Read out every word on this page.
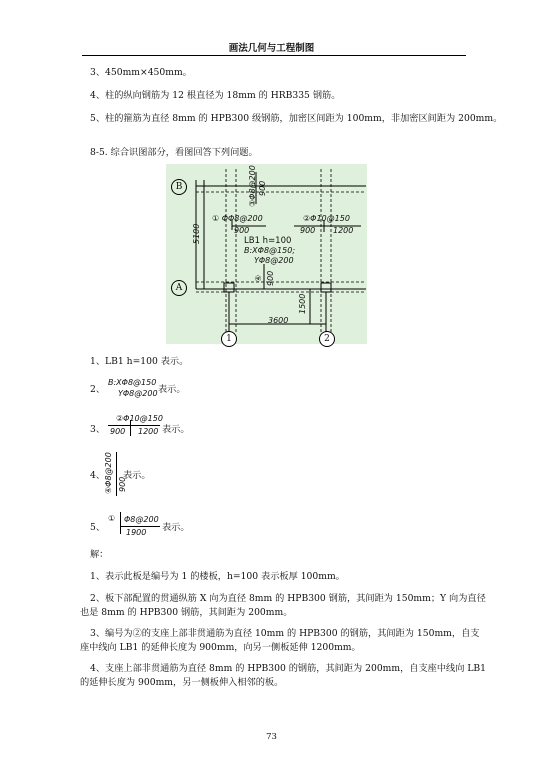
画法几何与工程制图
3、450mm×450mm。
4、柱的纵向钢筋为 12 根直径为 18mm 的 HRB335 钢筋。
5、柱的箍筋为直径 8mm 的 HPB300 级钢筋，加密区间距为 100mm，非加密区间距为 200mm。
8-5. 综合识图部分，看图回答下列问题。
B
A
1	2
5100
3600
1500
③Φ8@200 900
① ΦΦ8@200
900
②Φ10@150
900 1200
LB1 h=100
B:XΦ8@150;
YΦ8@200
④ 900
1、LB1 h=100 表示。
2、
B:XΦ8@150
YΦ8@200 表示。
3、
②Φ10@150
900 1200 表示。
4、
④Φ8@200 900
表示。
5、
① Φ8@200
1900 表示。
解：
1、表示此板是编号为 1 的楼板，h=100 表示板厚 100mm。
2、板下部配置的贯通纵筋 X 向为直径 8mm 的 HPB300 钢筋，其间距为 150mm；Y 向为直径
也是 8mm 的 HPB300 钢筋，其间距为 200mm。
3、编号为②的支座上部非贯通筋为直径 10mm 的 HPB300 的钢筋，其间距为 150mm，自支
座中线向 LB1 的延伸长度为 900mm，向另一侧板延伸 1200mm。
4、支座上部非贯通筋为直径 8mm 的 HPB300 的钢筋，其间距为 200mm，自支座中线向 LB1
的延伸长度为 900mm，另一侧板伸入相邻的板。
73
